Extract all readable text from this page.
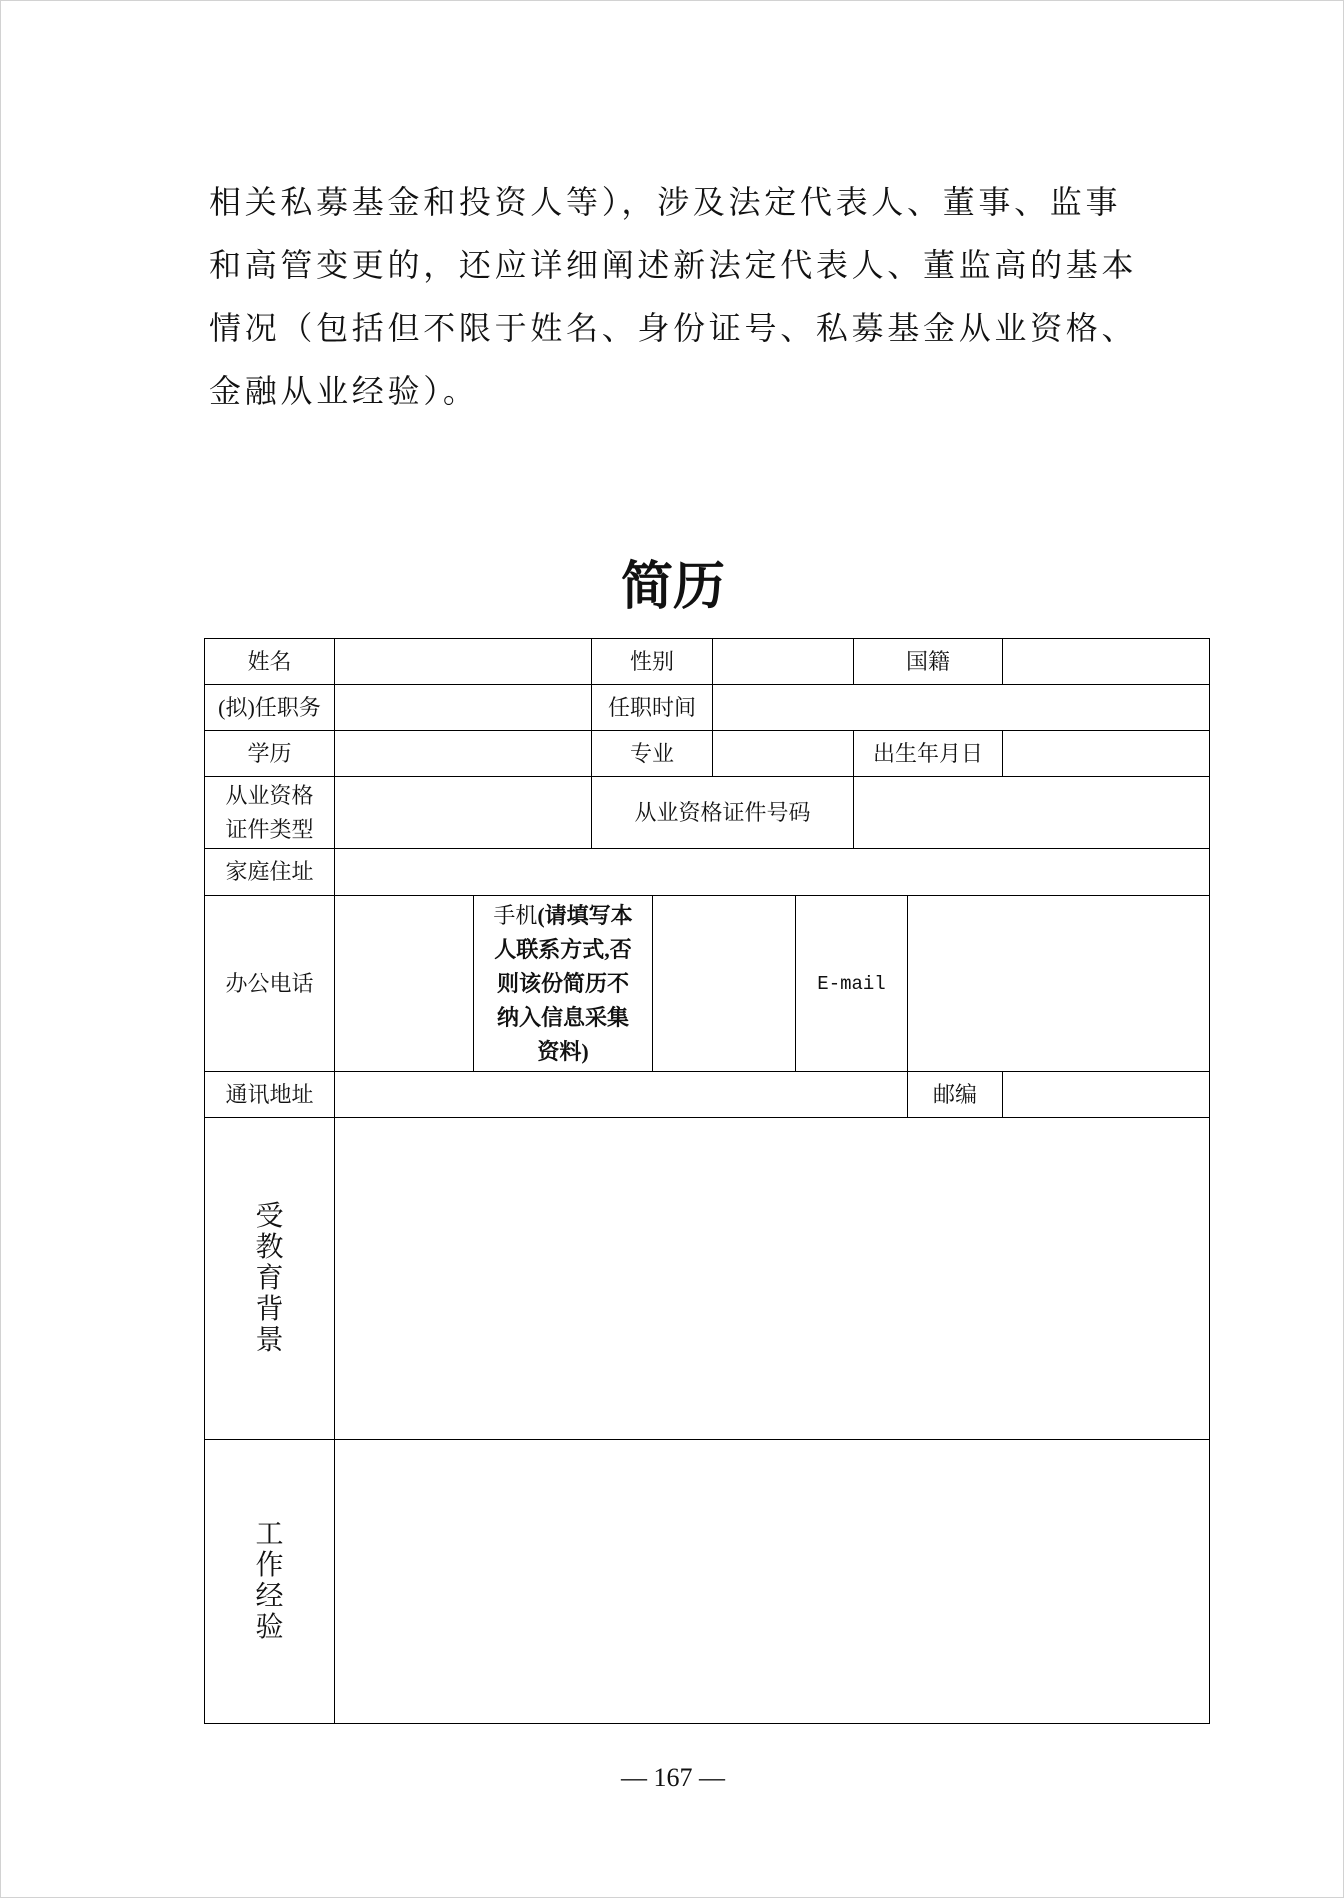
相关私募基金和投资人等），涉及法定代表人、董事、监事
和高管变更的，还应详细阐述新法定代表人、董监高的基本
情况（包括但不限于姓名、身份证号、私募基金从业资格、
金融从业经验）。
简历
姓名			性别				国籍		
(拟)任职务			任职时间						
学历			专业				出生年月日		
从业资格证件类型			从业资格证件号码						
家庭住址									
办公电话		手机(请填写本
人联系方式,否
则该份简历不
纳入信息采集
资料)				E-mail			
通讯地址								邮编	
受教育背景									
工作经验									
— 167 —
